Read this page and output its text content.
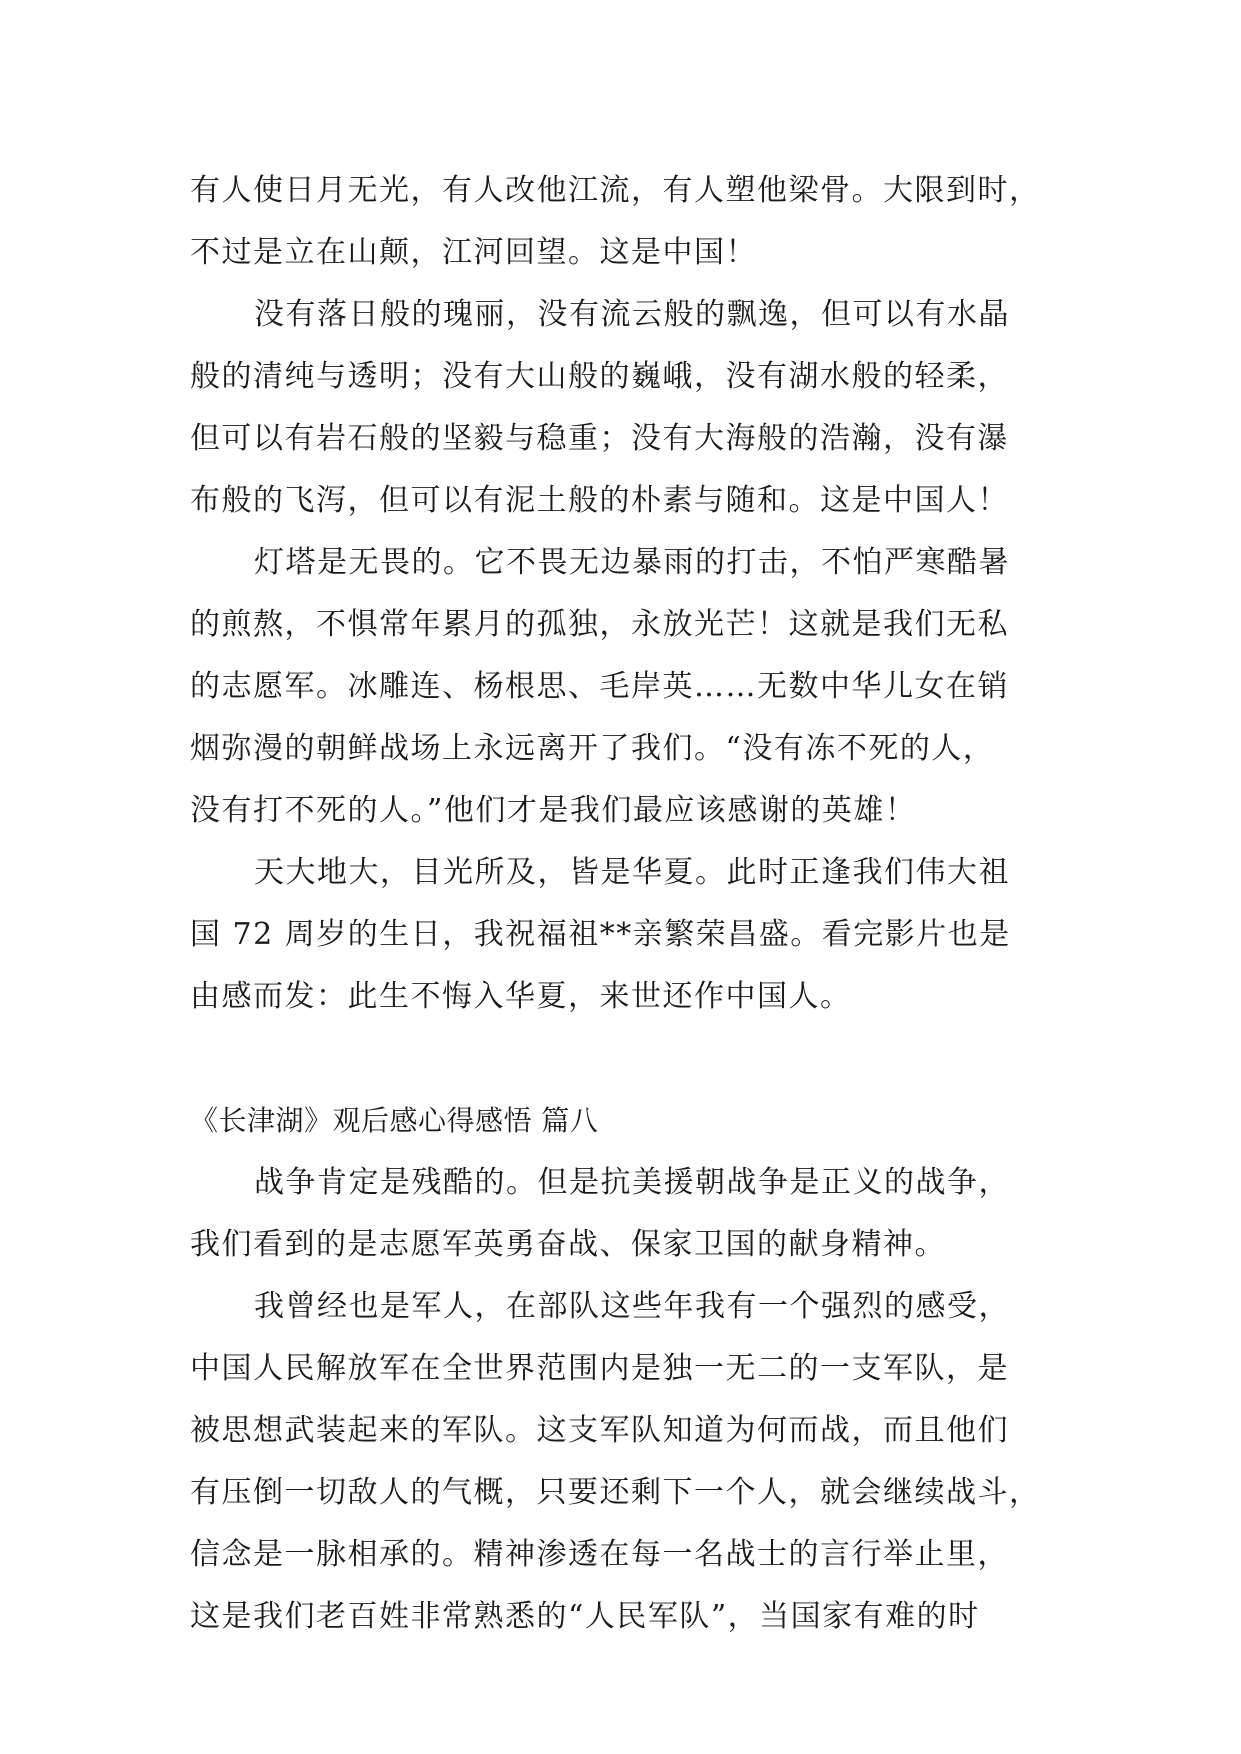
有人使日月无光，有人改他江流，有人塑他梁骨。大限到时，
不过是立在山颠，江河回望。这是中国！
没有落日般的瑰丽，没有流云般的飘逸，但可以有水晶
般的清纯与透明；没有大山般的巍峨，没有湖水般的轻柔，
但可以有岩石般的坚毅与稳重；没有大海般的浩瀚，没有瀑
布般的飞泻，但可以有泥土般的朴素与随和。这是中国人！
灯塔是无畏的。它不畏无边暴雨的打击，不怕严寒酷暑
的煎熬，不惧常年累月的孤独，永放光芒！这就是我们无私
的志愿军。冰雕连、杨根思、毛岸英……无数中华儿女在销
烟弥漫的朝鲜战场上永远离开了我们。“没有冻不死的人，
没有打不死的人。”他们才是我们最应该感谢的英雄！
天大地大，目光所及，皆是华夏。此时正逢我们伟大祖
国 72 周岁的生日，我祝福祖**亲繁荣昌盛。看完影片也是
由感而发：此生不悔入华夏，来世还作中国人。
《长津湖》观后感心得感悟 篇八
战争肯定是残酷的。但是抗美援朝战争是正义的战争，
我们看到的是志愿军英勇奋战、保家卫国的献身精神。
我曾经也是军人，在部队这些年我有一个强烈的感受，
中国人民解放军在全世界范围内是独一无二的一支军队，是
被思想武装起来的军队。这支军队知道为何而战，而且他们
有压倒一切敌人的气概，只要还剩下一个人，就会继续战斗，
信念是一脉相承的。精神渗透在每一名战士的言行举止里，
这是我们老百姓非常熟悉的“人民军队”，当国家有难的时
